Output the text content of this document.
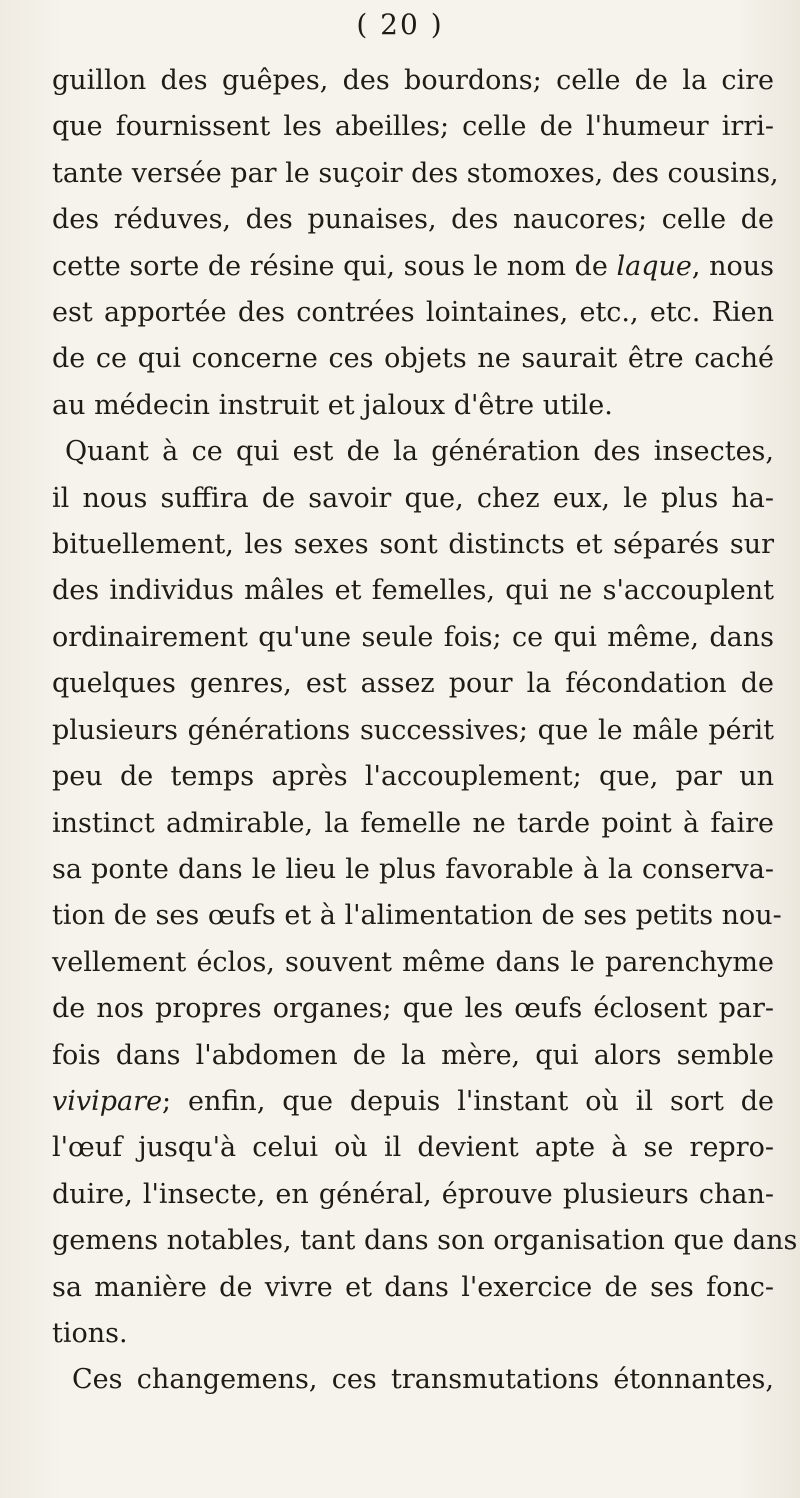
( 20 )
guillon des guêpes, des bourdons; celle de la cire
que fournissent les abeilles; celle de l'humeur irri-
tante versée par le suçoir des stomoxes, des cousins,
des réduves, des punaises, des naucores; celle de
cette sorte de résine qui, sous le nom de laque, nous
est apportée des contrées lointaines, etc., etc. Rien
de ce qui concerne ces objets ne saurait être caché
au médecin instruit et jaloux d'être utile.
Quant à ce qui est de la génération des insectes,
il nous suffira de savoir que, chez eux, le plus ha-
bituellement, les sexes sont distincts et séparés sur
des individus mâles et femelles, qui ne s'accouplent
ordinairement qu'une seule fois; ce qui même, dans
quelques genres, est assez pour la fécondation de
plusieurs générations successives; que le mâle périt
peu de temps après l'accouplement; que, par un
instinct admirable, la femelle ne tarde point à faire
sa ponte dans le lieu le plus favorable à la conserva-
tion de ses œufs et à l'alimentation de ses petits nou-
vellement éclos, souvent même dans le parenchyme
de nos propres organes; que les œufs éclosent par-
fois dans l'abdomen de la mère, qui alors semble
vivipare; enfin, que depuis l'instant où il sort de
l'œuf jusqu'à celui où il devient apte à se repro-
duire, l'insecte, en général, éprouve plusieurs chan-
gemens notables, tant dans son organisation que dans
sa manière de vivre et dans l'exercice de ses fonc-
tions.
Ces changemens, ces transmutations étonnantes,
